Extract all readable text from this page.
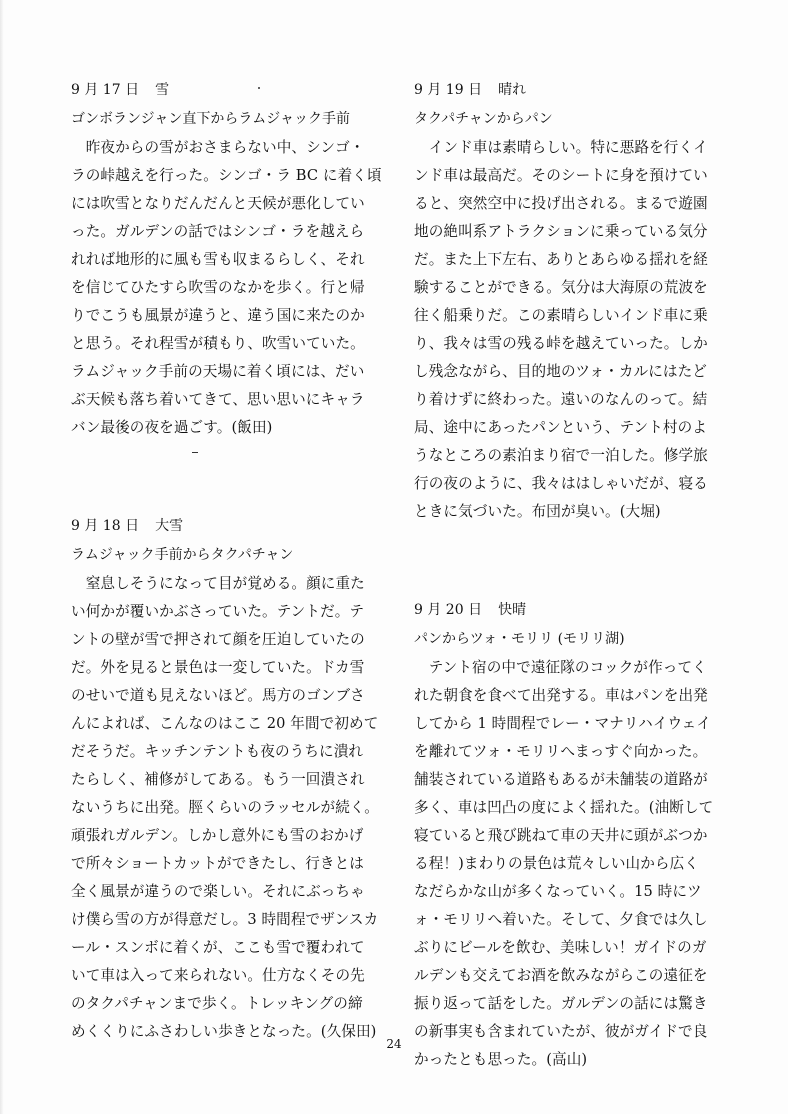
9 月 17 日 雪

ゴンボランジャン直下からラムジャック手前

　昨夜からの雪がおさまらない中、シンゴ・

ラの峠越えを行った。シンゴ・ラ BC に着く頃

には吹雪となりだんだんと天候が悪化してい

った。ガルデンの話ではシンゴ・ラを越えら

れれば地形的に風も雪も収まるらしく、それ

を信じてひたすら吹雪のなかを歩く。行と帰

りでこうも風景が違うと、違う国に来たのか

と思う。それ程雪が積もり、吹雪いていた。

ラムジャック手前の天場に着く頃には、だい

ぶ天候も落ち着いてきて、思い思いにキャラ

バン最後の夜を過ごす。(飯田)

9 月 18 日 大雪

ラムジャック手前からタクパチャン

　窒息しそうになって目が覚める。顔に重た

い何かが覆いかぶさっていた。テントだ。テ

ントの壁が雪で押されて顔を圧迫していたの

だ。外を見ると景色は一変していた。ドカ雪

のせいで道も見えないほど。馬方のゴンブさ

んによれば、こんなのはここ 20 年間で初めて

だそうだ。キッチンテントも夜のうちに潰れ

たらしく、補修がしてある。もう一回潰され

ないうちに出発。脛くらいのラッセルが続く。

頑張れガルデン。しかし意外にも雪のおかげ

で所々ショートカットができたし、行きとは

全く風景が違うので楽しい。それにぶっちゃ

け僕ら雪の方が得意だし。3 時間程でザンスカ

ール・スンボに着くが、ここも雪で覆われて

いて車は入って来られない。仕方なくその先

のタクパチャンまで歩く。トレッキングの締

めくくりにふさわしい歩きとなった。(久保田)

9 月 19 日 晴れ

タクパチャンからパン

　インド車は素晴らしい。特に悪路を行くイ

ンド車は最高だ。そのシートに身を預けてい

ると、突然空中に投げ出される。まるで遊園

地の絶叫系アトラクションに乗っている気分

だ。また上下左右、ありとあらゆる揺れを経

験することができる。気分は大海原の荒波を

往く船乗りだ。この素晴らしいインド車に乗

り、我々は雪の残る峠を越えていった。しか

し残念ながら、目的地のツォ・カルにはたど

り着けずに終わった。遠いのなんのって。結

局、途中にあったパンという、テント村のよ

うなところの素泊まり宿で一泊した。修学旅

行の夜のように、我々ははしゃいだが、寝る

ときに気づいた。布団が臭い。(大堀)

9 月 20 日 快晴

パンからツォ・モリリ (モリリ湖)

　テント宿の中で遠征隊のコックが作ってく

れた朝食を食べて出発する。車はパンを出発

してから 1 時間程でレー・マナリハイウェイ

を離れてツォ・モリリへまっすぐ向かった。

舗装されている道路もあるが未舗装の道路が

多く、車は凹凸の度によく揺れた。(油断して

寝ていると飛び跳ねて車の天井に頭がぶつか

る程！)まわりの景色は荒々しい山から広く

なだらかな山が多くなっていく。15 時にツ

ォ・モリリへ着いた。そして、夕食では久し

ぶりにビールを飲む、美味しい！ガイドのガ

ルデンも交えてお酒を飲みながらこの遠征を

振り返って話をした。ガルデンの話には驚き

の新事実も含まれていたが、彼がガイドで良

かったとも思った。(高山)

24
